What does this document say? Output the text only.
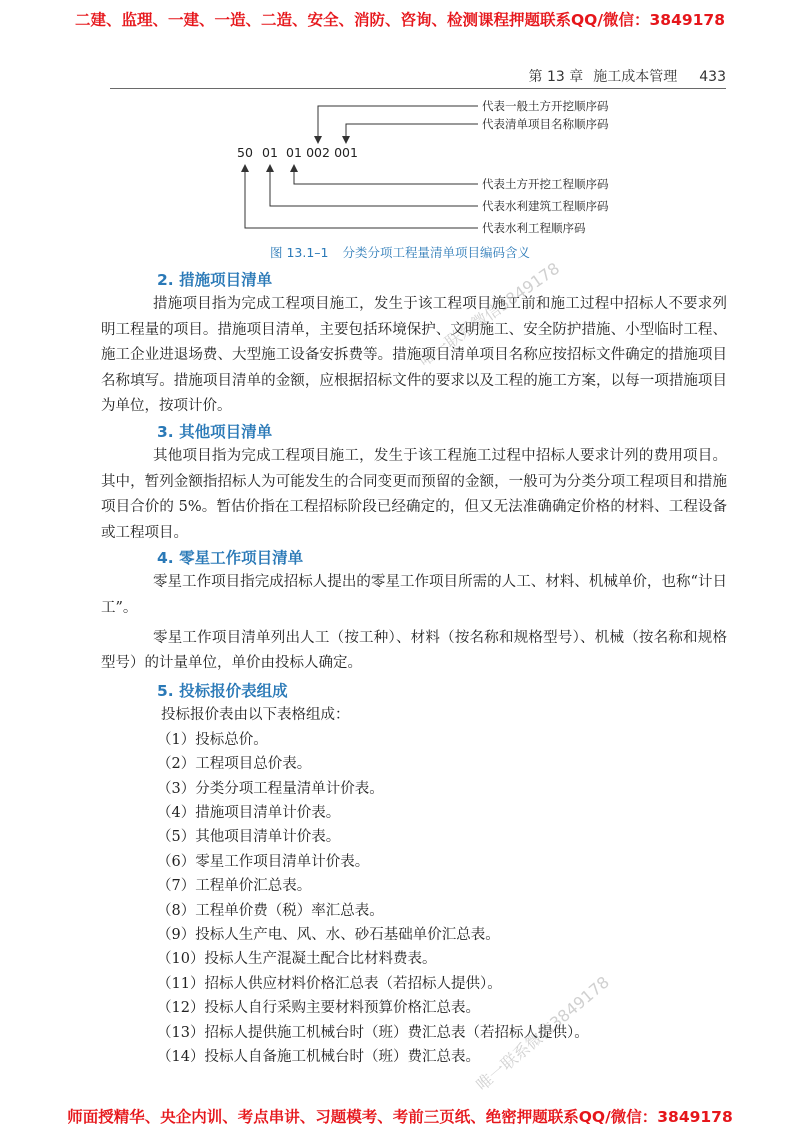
二建、监理、一建、一造、二造、安全、消防、咨询、检测课程押题联系QQ/微信：3849178
第 13 章 施工成本管理 433
50 01 01 002 001
代表一般土方开挖顺序码
代表清单项目名称顺序码
代表土方开挖工程顺序码
代表水利建筑工程顺序码
代表水利工程顺序码
图 13.1–1 分类分项工程量清单项目编码含义
2. 措施项目清单

措施项目指为完成工程项目施工，发生于该工程项目施工前和施工过程中招标人不要求列明工程量的项目。措施项目清单，主要包括环境保护、文明施工、安全防护措施、小型临时工程、施工企业进退场费、大型施工设备安拆费等。措施项目清单项目名称应按招标文件确定的措施项目名称填写。措施项目清单的金额，应根据招标文件的要求以及工程的施工方案，以每一项措施项目为单位，按项计价。

3. 其他项目清单

其他项目指为完成工程项目施工，发生于该工程施工过程中招标人要求计列的费用项目。其中，暂列金额指招标人为可能发生的合同变更而预留的金额，一般可为分类分项工程项目和措施项目合价的 5%。暂估价指在工程招标阶段已经确定的，但又无法准确确定价格的材料、工程设备或工程项目。

4. 零星工作项目清单

零星工作项目指完成招标人提出的零星工作项目所需的人工、材料、机械单价，也称“计日工”。

零星工作项目清单列出人工（按工种）、材料（按名称和规格型号）、机械（按名称和规格型号）的计量单位，单价由投标人确定。

5. 投标报价表组成

投标报价表由以下表格组成：

（1）投标总价。
（2）工程项目总价表。
（3）分类分项工程量清单计价表。
（4）措施项目清单计价表。
（5）其他项目清单计价表。
（6）零星工作项目清单计价表。
（7）工程单价汇总表。
（8）工程单价费（税）率汇总表。
（9）投标人生产电、风、水、砂石基础单价汇总表。
（10）投标人生产混凝土配合比材料费表。
（11）招标人供应材料价格汇总表（若招标人提供）。
（12）投标人自行采购主要材料预算价格汇总表。
（13）招标人提供施工机械台时（班）费汇总表（若招标人提供）。
（14）投标人自备施工机械台时（班）费汇总表。
唯一联系微信3849178
唯一联系微信3849178
师面授精华、央企内训、考点串讲、习题模考、考前三页纸、绝密押题联系QQ/微信：3849178
